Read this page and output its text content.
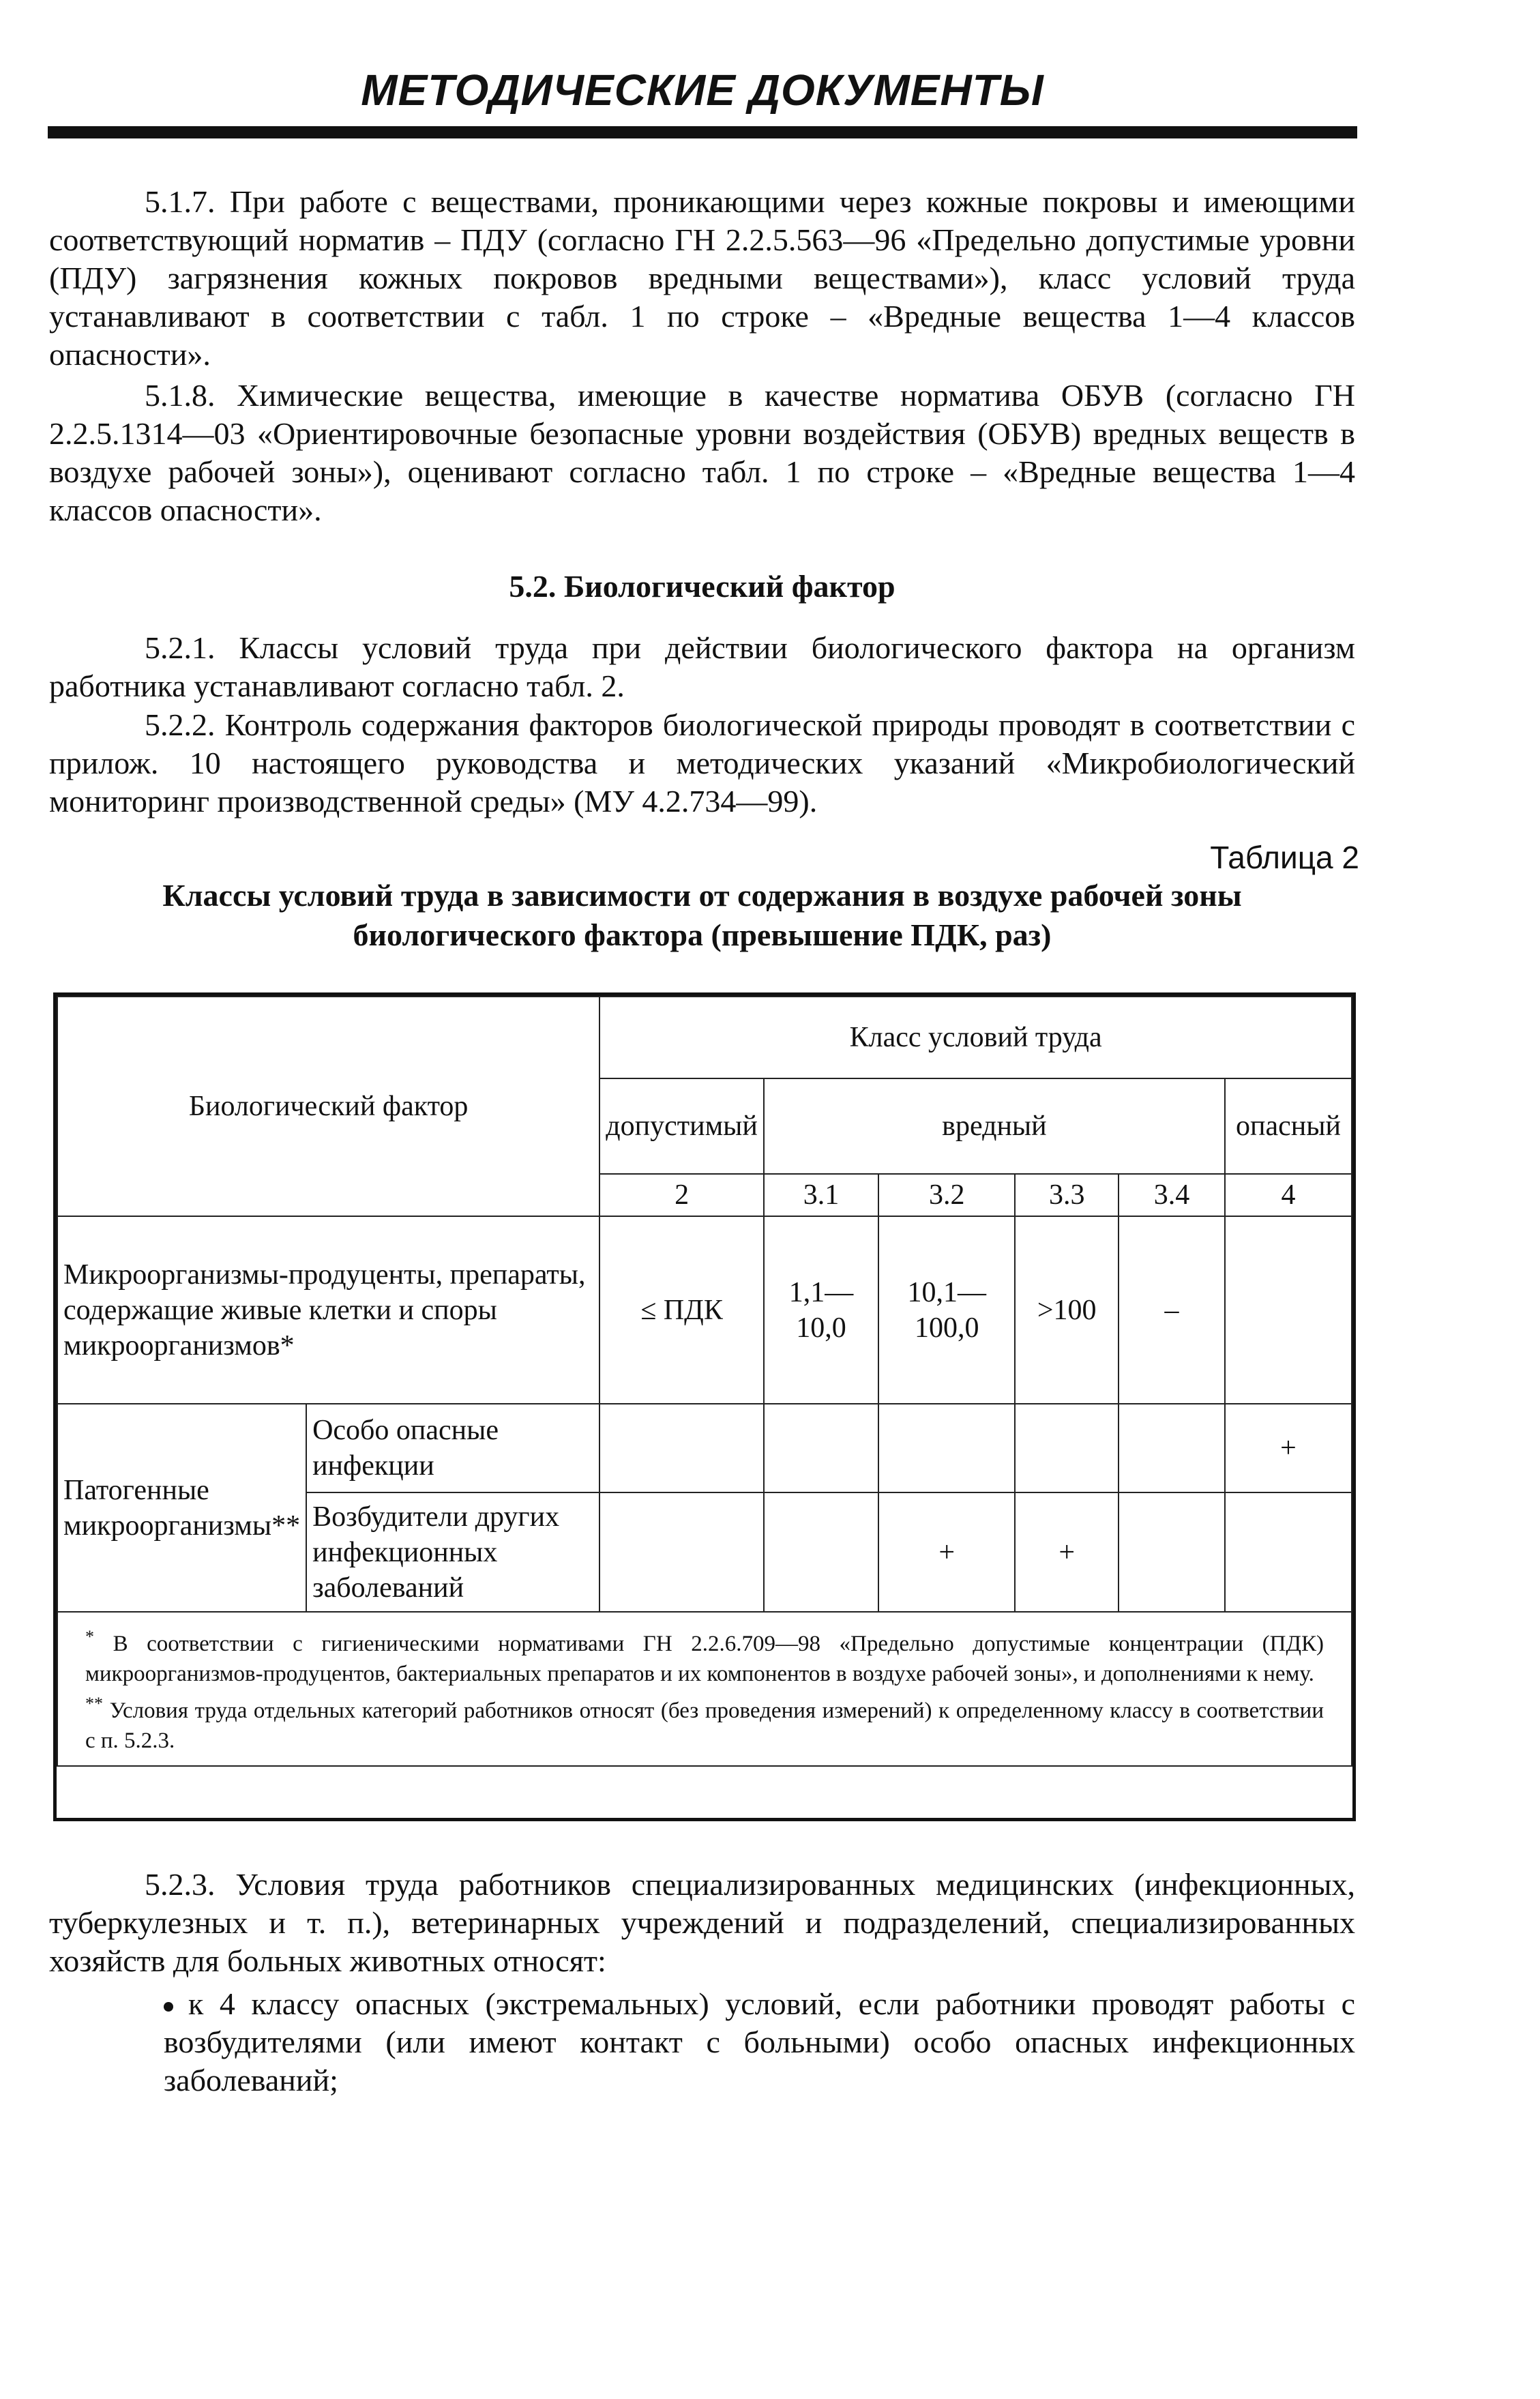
МЕТОДИЧЕСКИЕ ДОКУМЕНТЫ
5.1.7. При работе с веществами, проникающими через кожные покровы и имеющими соответствующий норматив – ПДУ (согласно ГН 2.2.5.563—96 «Предельно допустимые уровни (ПДУ) загрязнения кожных покровов вредными веществами»), класс условий труда устанавливают в соответствии с табл. 1 по строке – «Вредные вещества 1—4 классов опасности».
5.1.8. Химические вещества, имеющие в качестве норматива ОБУВ (согласно ГН 2.2.5.1314—03 «Ориентировочные безопасные уровни воздействия (ОБУВ) вредных веществ в воздухе рабочей зоны»), оценивают согласно табл. 1 по строке – «Вредные вещества 1—4 классов опасности».
5.2. Биологический фактор
5.2.1. Классы условий труда при действии биологического фактора на организм работника устанавливают согласно табл. 2.
5.2.2. Контроль содержания факторов биологической природы проводят в соответствии с прилож. 10 настоящего руководства и методических указаний «Микробиологический мониторинг производственной среды» (МУ 4.2.734—99).
Таблица 2
Классы условий труда в зависимости от содержания в воздухе рабочей зоны
биологического фактора (превышение ПДК, раз)
Биологический фактор		Класс условий труда					
		допустимый	вредный				опасный
		2	3.1	3.2	3.3	3.4	4
Микроорганизмы-продуценты, препараты, содержащие живые клетки и споры микроорганизмов*		≤ ПДК	1,1—10,0	10,1—100,0	>100	–	
Патогенные микроорганизмы**	Особо опасные инфекции						+
	Возбудители других инфекционных заболеваний			+	+		

* В соответствии с гигиеническими нормативами ГН 2.2.6.709—98 «Предельно допустимые концентрации (ПДК) микроорганизмов-продуцентов, бактериальных препаратов и их компонентов в воздухе рабочей зоны», и дополнениями к нему.
** Условия труда отдельных категорий работников относят (без проведения измерений) к определенному классу в соответствии с п. 5.2.3.							
5.2.3. Условия труда работников специализированных медицинских (инфекционных, туберкулезных и т. п.), ветеринарных учреждений и подразделений, специализированных хозяйств для больных животных относят:
к 4 классу опасных (экстремальных) условий, если работники проводят работы с возбудителями (или имеют контакт с больными) особо опасных инфекционных заболеваний;
